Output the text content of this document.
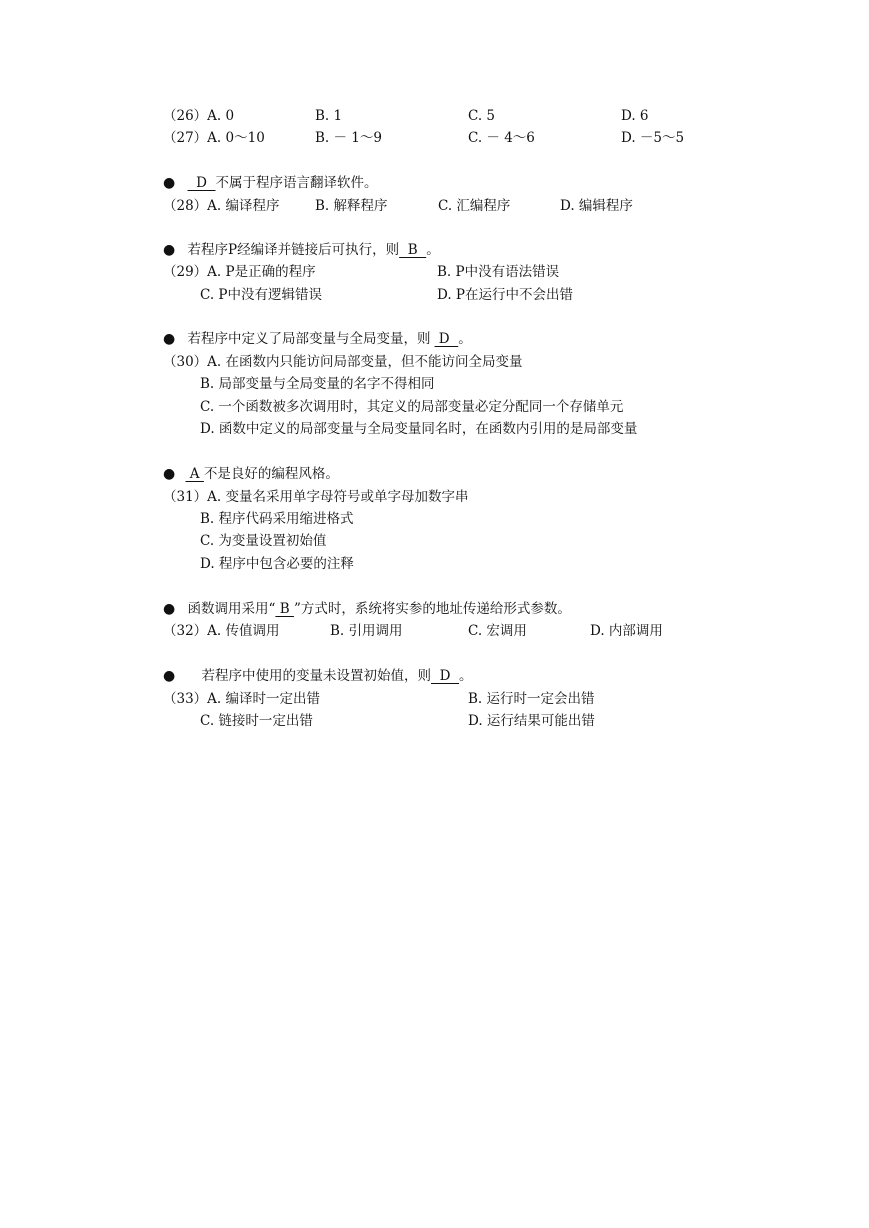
（26）A. 0	B. 1	C. 5	D. 6
（27）A. 0～10	B. － 1～9	C. － 4～6	D. －5～5
●   D  不属于程序语言翻译软件。
（28）A. 编译程序	B. 解释程序	C. 汇编程序	D. 编辑程序
● 若程序P经编译并链接后可执行，则  B  。
（29）A. P是正确的程序	B. P中没有语法错误
C. P中没有逻辑错误	D. P在运行中不会出错
● 若程序中定义了局部变量与全局变量，则 D  。
（30）A. 在函数内只能访问局部变量，但不能访问全局变量
B. 局部变量与全局变量的名字不得相同
C. 一个函数被多次调用时，其定义的局部变量必定分配同一个存储单元
D. 函数中定义的局部变量与全局变量同名时，在函数内引用的是局部变量
●  A 不是良好的编程风格。
（31）A. 变量名采用单字母符号或单字母加数字串
B. 程序代码采用缩进格式
C. 为变量设置初始值
D. 程序中包含必要的注释
● 函数调用采用“ B ”方式时，系统将实参的地址传递给形式参数。
（32）A. 传值调用	B. 引用调用	C. 宏调用	D. 内部调用
● 若程序中使用的变量未设置初始值，则  D  。
（33）A. 编译时一定出错	B. 运行时一定会出错
C. 链接时一定出错	D. 运行结果可能出错
